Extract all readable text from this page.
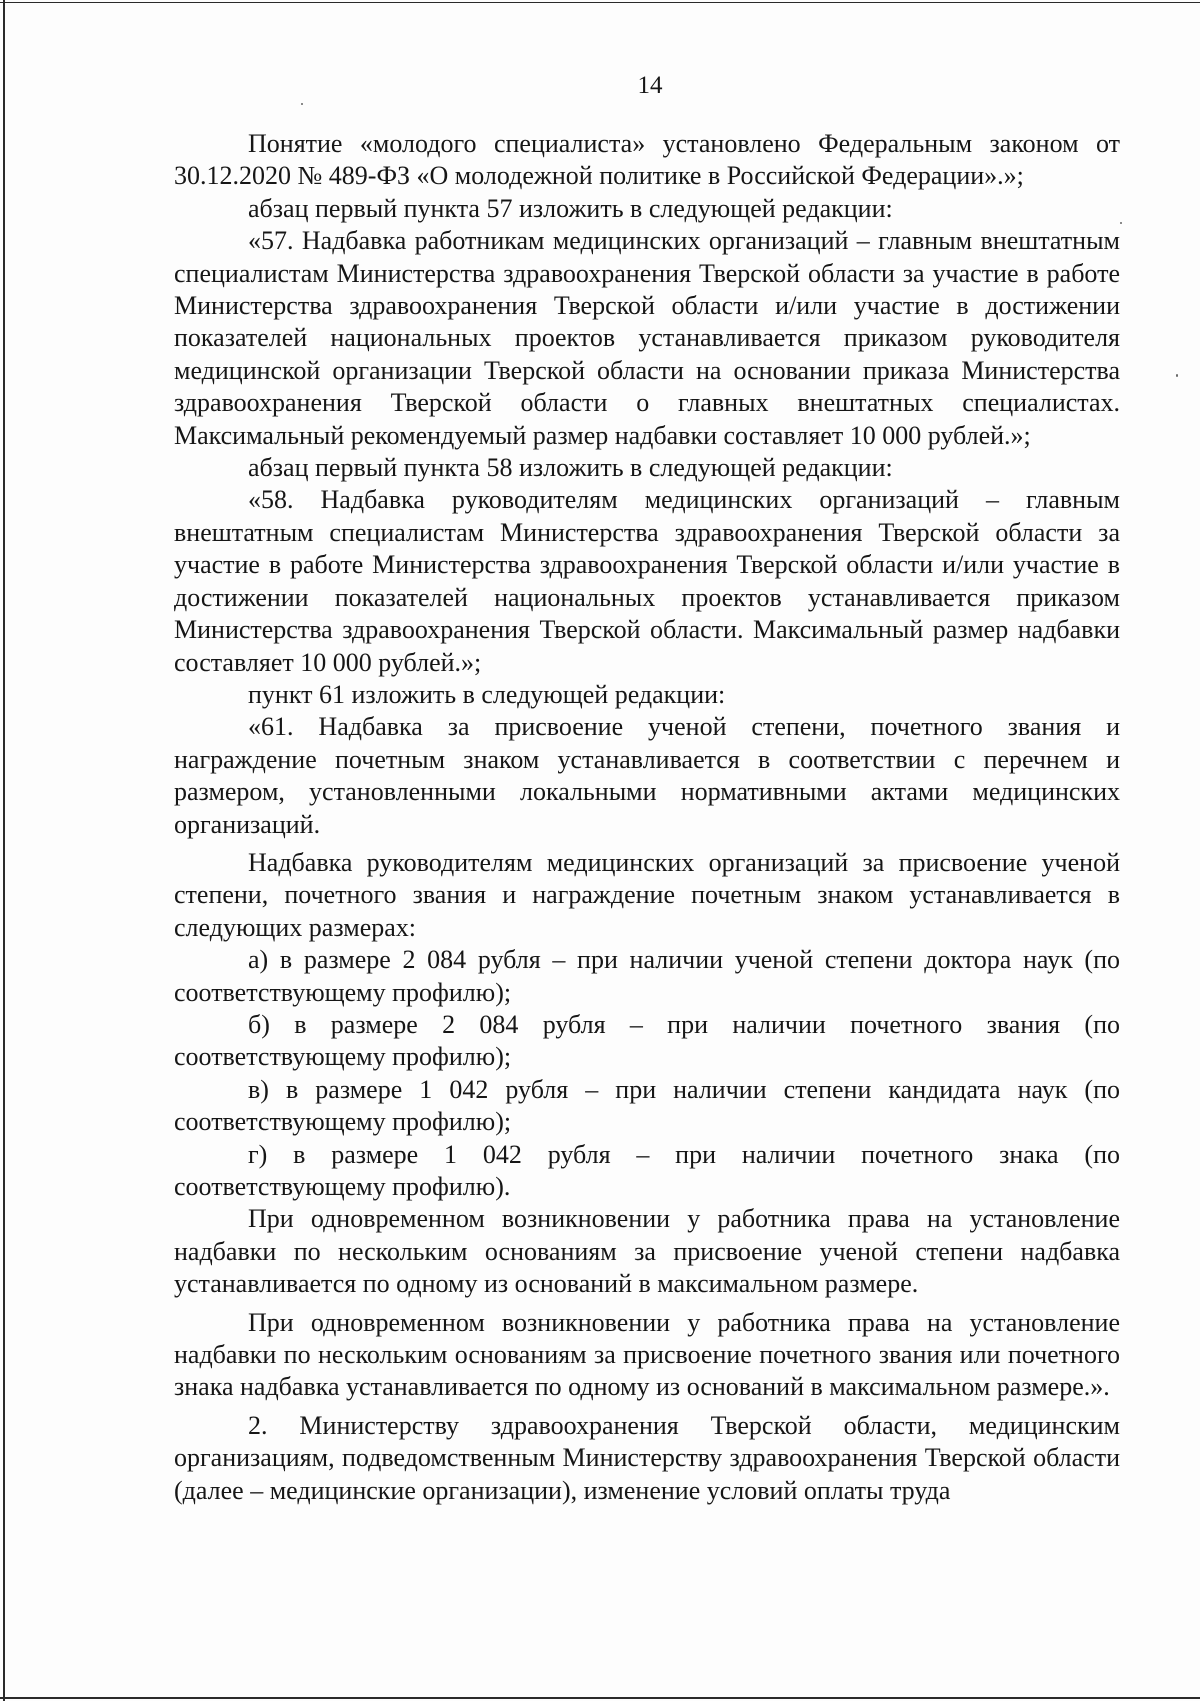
14

Понятие «молодого специалиста» установлено Федеральным законом от 30.12.2020 № 489-ФЗ «О молодежной политике в Российской Федерации».»;

абзац первый пункта 57 изложить в следующей редакции:

«57. Надбавка работникам медицинских организаций – главным внештатным специалистам Министерства здравоохранения Тверской области за участие в работе Министерства здравоохранения Тверской области и/или участие в достижении показателей национальных проектов устанавливается приказом руководителя медицинской организации Тверской области на основании приказа Министерства здравоохранения Тверской области о главных внештатных специалистах. Максимальный рекомендуемый размер надбавки составляет 10 000 рублей.»;

абзац первый пункта 58 изложить в следующей редакции:

«58. Надбавка руководителям медицинских организаций – главным внештатным специалистам Министерства здравоохранения Тверской области за участие в работе Министерства здравоохранения Тверской области и/или участие в достижении показателей национальных проектов устанавливается приказом Министерства здравоохранения Тверской области. Максимальный размер надбавки составляет 10 000 рублей.»;

пункт 61 изложить в следующей редакции:

«61. Надбавка за присвоение ученой степени, почетного звания и награждение почетным знаком устанавливается в соответствии с перечнем и размером, установленными локальными нормативными актами медицинских организаций.

Надбавка руководителям медицинских организаций за присвоение ученой степени, почетного звания и награждение почетным знаком устанавливается в следующих размерах:

а) в размере 2 084 рубля – при наличии ученой степени доктора наук (по соответствующему профилю);

б) в размере 2 084 рубля – при наличии почетного звания (по соответствующему профилю);

в) в размере 1 042 рубля – при наличии степени кандидата наук (по соответствующему профилю);

г) в размере 1 042 рубля – при наличии почетного знака (по соответствующему профилю).

При одновременном возникновении у работника права на установление надбавки по нескольким основаниям за присвоение ученой степени надбавка устанавливается по одному из оснований в максимальном размере.

При одновременном возникновении у работника права на установление надбавки по нескольким основаниям за присвоение почетного звания или почетного знака надбавка устанавливается по одному из оснований в максимальном размере.».

2. Министерству здравоохранения Тверской области, медицинским организациям, подведомственным Министерству здравоохранения Тверской области (далее – медицинские организации), изменение условий оплаты труда
